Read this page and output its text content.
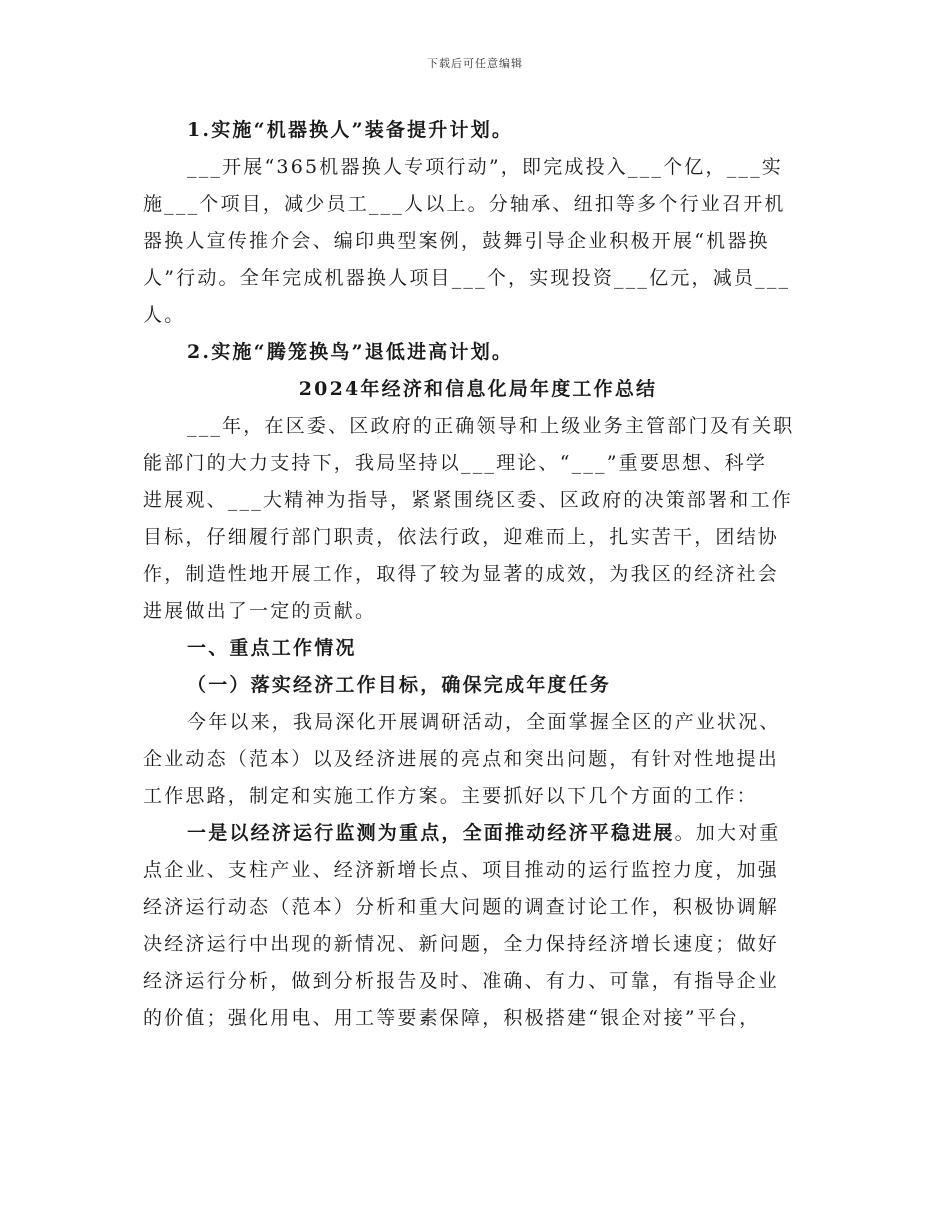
下载后可任意编辑

1.实施“机器换人”装备提升计划。

___开展“365机器换人专项行动”，即完成投入___个亿，___实

施___个项目，减少员工___人以上。分轴承、纽扣等多个行业召开机

器换人宣传推介会、编印典型案例，鼓舞引导企业积极开展“机器换

人”行动。全年完成机器换人项目___个，实现投资___亿元，减员___

人。

2.实施“腾笼换鸟”退低进高计划。

2024年经济和信息化局年度工作总结

___年，在区委、区政府的正确领导和上级业务主管部门及有关职

能部门的大力支持下，我局坚持以___理论、“___”重要思想、科学

进展观、___大精神为指导，紧紧围绕区委、区政府的决策部署和工作

目标，仔细履行部门职责，依法行政，迎难而上，扎实苦干，团结协

作，制造性地开展工作，取得了较为显著的成效，为我区的经济社会

进展做出了一定的贡献。

一、重点工作情况

（一）落实经济工作目标，确保完成年度任务

今年以来，我局深化开展调研活动，全面掌握全区的产业状况、

企业动态（范本）以及经济进展的亮点和突出问题，有针对性地提出

工作思路，制定和实施工作方案。主要抓好以下几个方面的工作：

一是以经济运行监测为重点，全面推动经济平稳进展。加大对重

点企业、支柱产业、经济新增长点、项目推动的运行监控力度，加强

经济运行动态（范本）分析和重大问题的调查讨论工作，积极协调解

决经济运行中出现的新情况、新问题，全力保持经济增长速度；做好

经济运行分析，做到分析报告及时、准确、有力、可靠，有指导企业

的价值；强化用电、用工等要素保障，积极搭建“银企对接”平台，
